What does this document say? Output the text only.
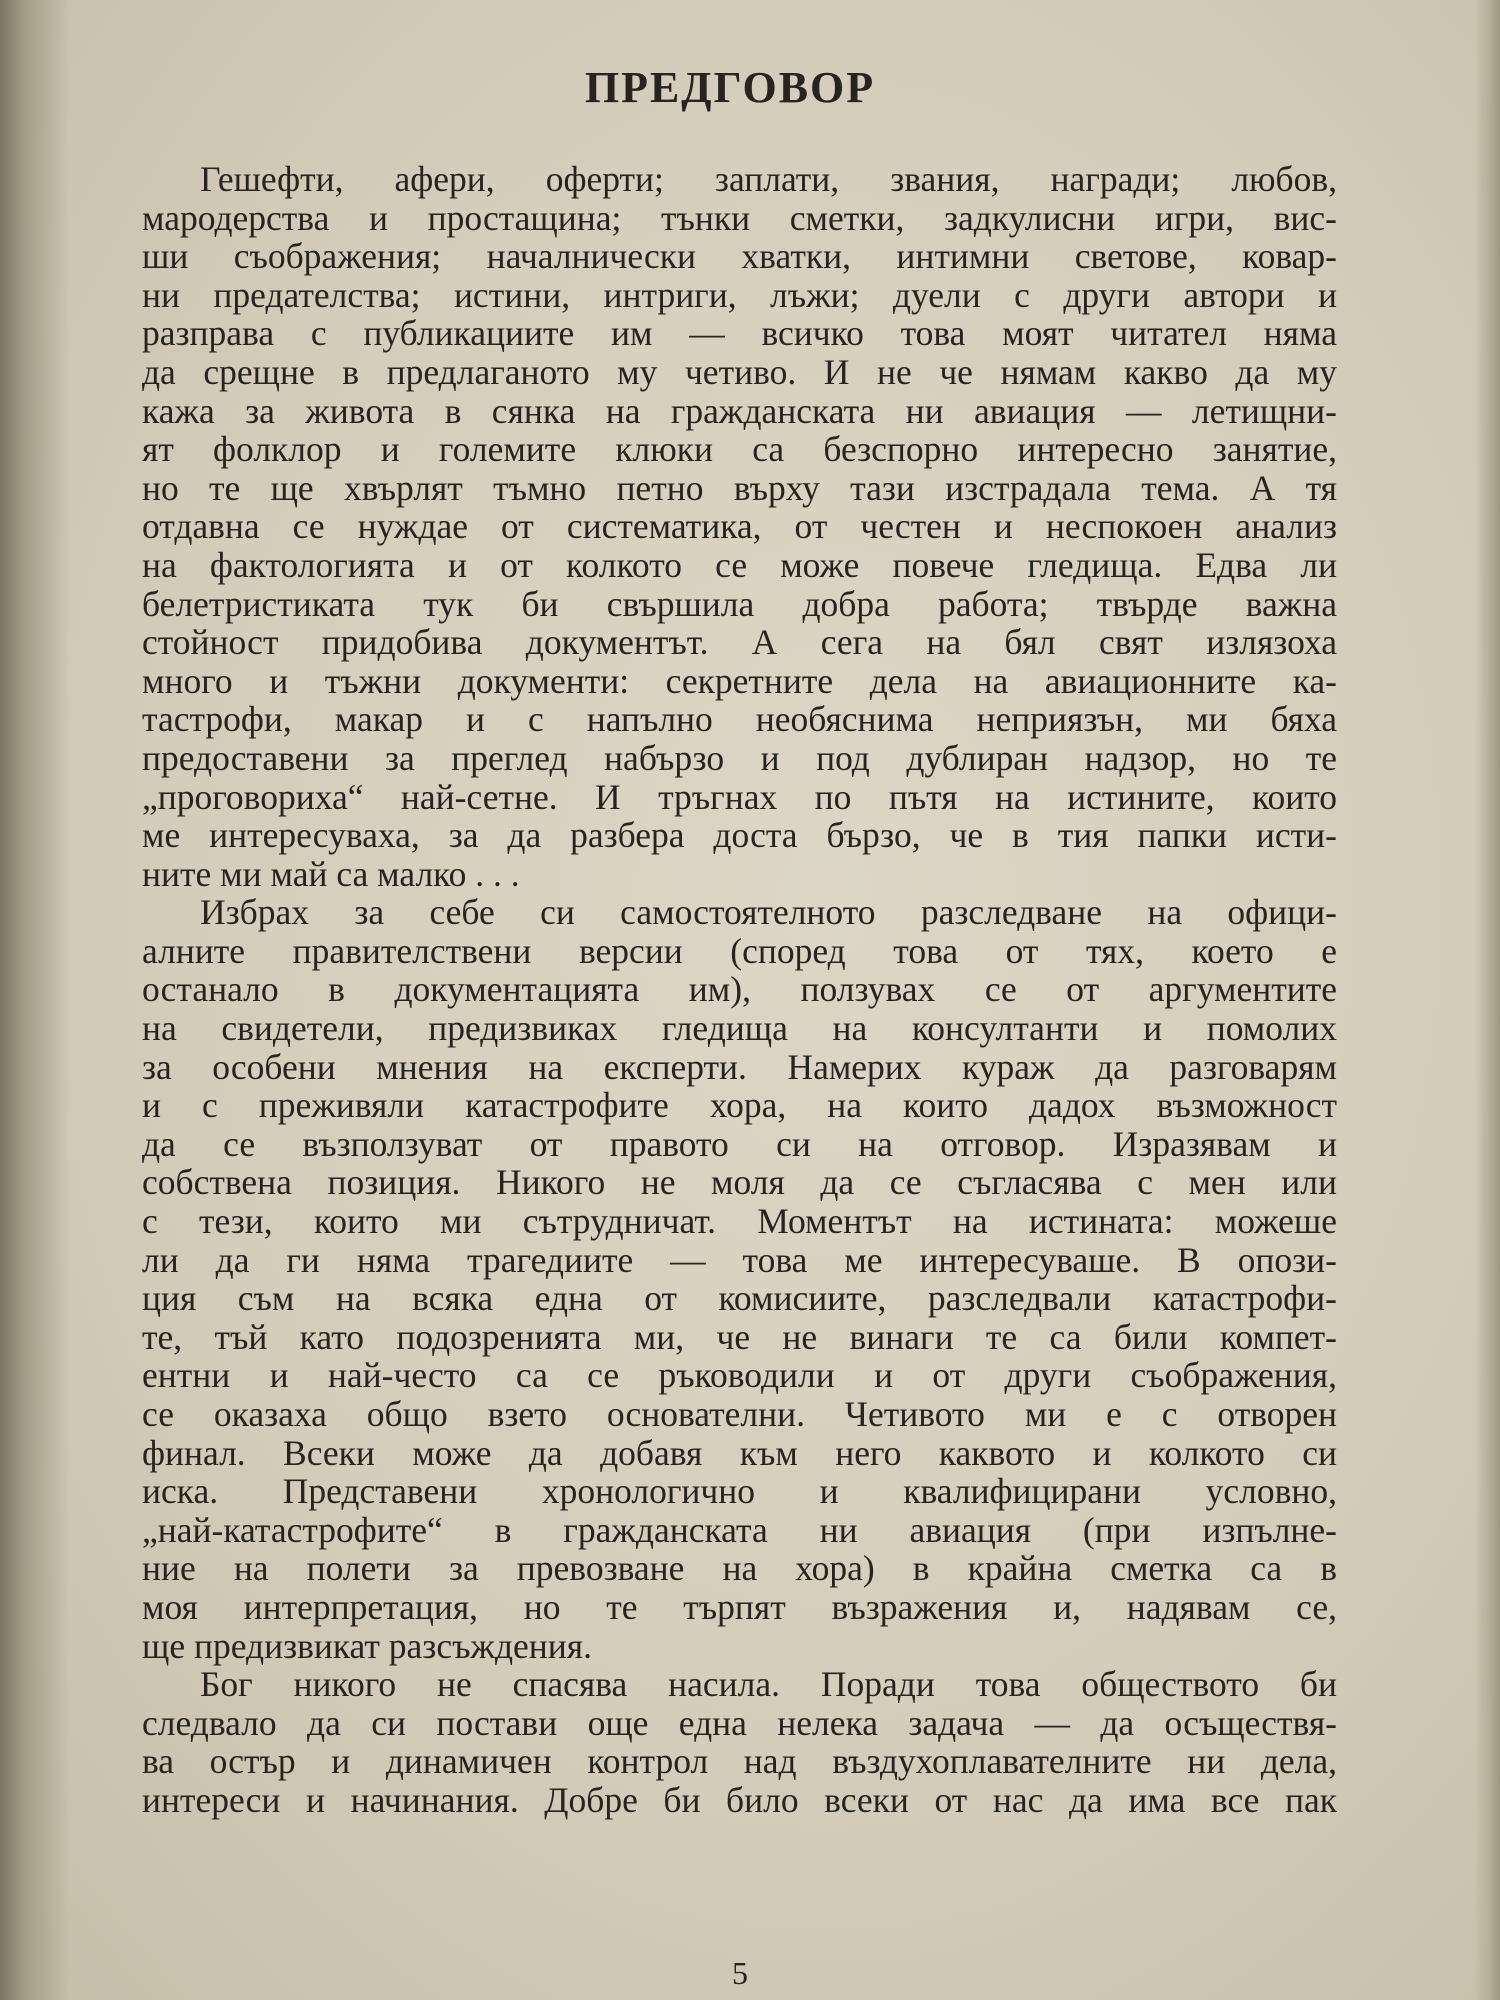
ПРЕДГОВОР
Гешефти, афери, оферти; заплати, звания, награди; любов,
мародерства и простащина; тънки сметки, задкулисни игри, вис-
ши съображения; началнически хватки, интимни светове, ковар-
ни предателства; истини, интриги, лъжи; дуели с други автори и
разправа с публикациите им — всичко това моят читател няма
да срещне в предлаганото му четиво. И не че нямам какво да му
кажа за живота в сянка на гражданската ни авиация — летищни-
ят фолклор и големите клюки са безспорно интересно занятие,
но те ще хвърлят тъмно петно върху тази изстрадала тема. А тя
отдавна се нуждае от систематика, от честен и неспокоен анализ
на фактологията и от колкото се може повече гледища. Едва ли
белетристиката тук би свършила добра работа; твърде важна
стойност придобива документът. А сега на бял свят излязоха
много и тъжни документи: секретните дела на авиационните ка-
тастрофи, макар и с напълно необяснима неприязън, ми бяха
предоставени за преглед набързо и под дублиран надзор, но те
„проговориха“ най-сетне. И тръгнах по пътя на истините, които
ме интересуваха, за да разбера доста бързо, че в тия папки исти-
ните ми май са малко . . .
Избрах за себе си самостоятелното разследване на офици-
алните правителствени версии (според това от тях, което е
останало в документацията им), ползувах се от аргументите
на свидетели, предизвиках гледища на консултанти и помолих
за особени мнения на експерти. Намерих кураж да разговарям
и с преживяли катастрофите хора, на които дадох възможност
да се възползуват от правото си на отговор. Изразявам и
собствена позиция. Никого не моля да се съгласява с мен или
с тези, които ми сътрудничат. Моментът на истината: можеше
ли да ги няма трагедиите — това ме интересуваше. В опози-
ция съм на всяка една от комисиите, разследвали катастрофи-
те, тъй като подозренията ми, че не винаги те са били компет-
ентни и най-често са се ръководили и от други съображения,
се оказаха общо взето основателни. Четивото ми е с отворен
финал. Всеки може да добавя към него каквото и колкото си
иска. Представени хронологично и квалифицирани условно,
„най-катастрофите“ в гражданската ни авиация (при изпълне-
ние на полети за превозване на хора) в крайна сметка са в
моя интерпретация, но те търпят възражения и, надявам се,
ще предизвикат разсъждения.
Бог никого не спасява насила. Поради това обществото би
следвало да си постави още една нелека задача — да осъществя-
ва остър и динамичен контрол над въздухоплавателните ни дела,
интереси и начинания. Добре би било всеки от нас да има все пак
5
